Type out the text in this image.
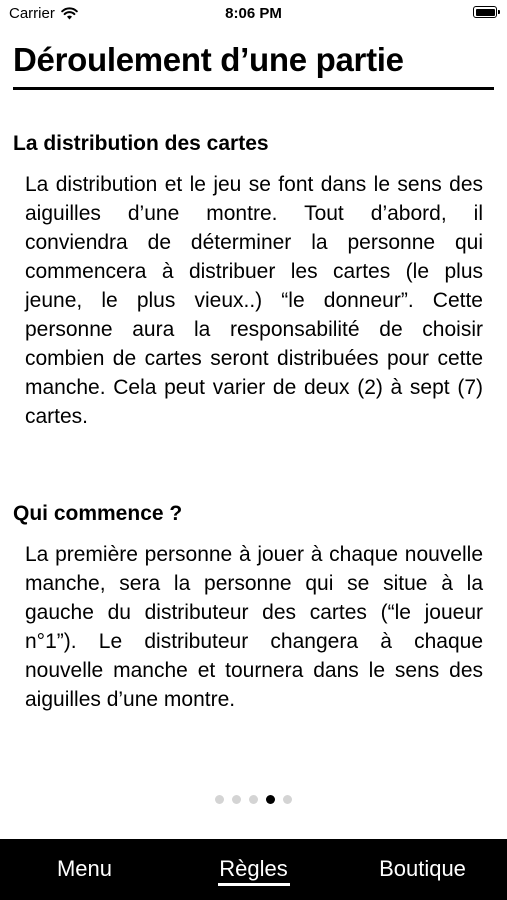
Carrier	8:06 PM
Déroulement d’une partie
La distribution des cartes

La distribution et le jeu se font dans le sens des aiguilles d’une montre. Tout d’abord, il conviendra de déterminer la personne qui commencera à distribuer les cartes (le plus jeune, le plus vieux..) “le donneur”. Cette personne aura la responsabilité de choisir combien de cartes seront distribuées pour cette manche. Cela peut varier de deux (2) à sept (7) cartes.

Qui commence ?

La première personne à jouer à chaque nouvelle manche, sera la personne qui se situe à la gauche du distributeur des cartes (“le joueur n°1”). Le distributeur changera à chaque nouvelle manche et tournera dans le sens des aiguilles d’une montre.

Menu	Règles	Boutique
